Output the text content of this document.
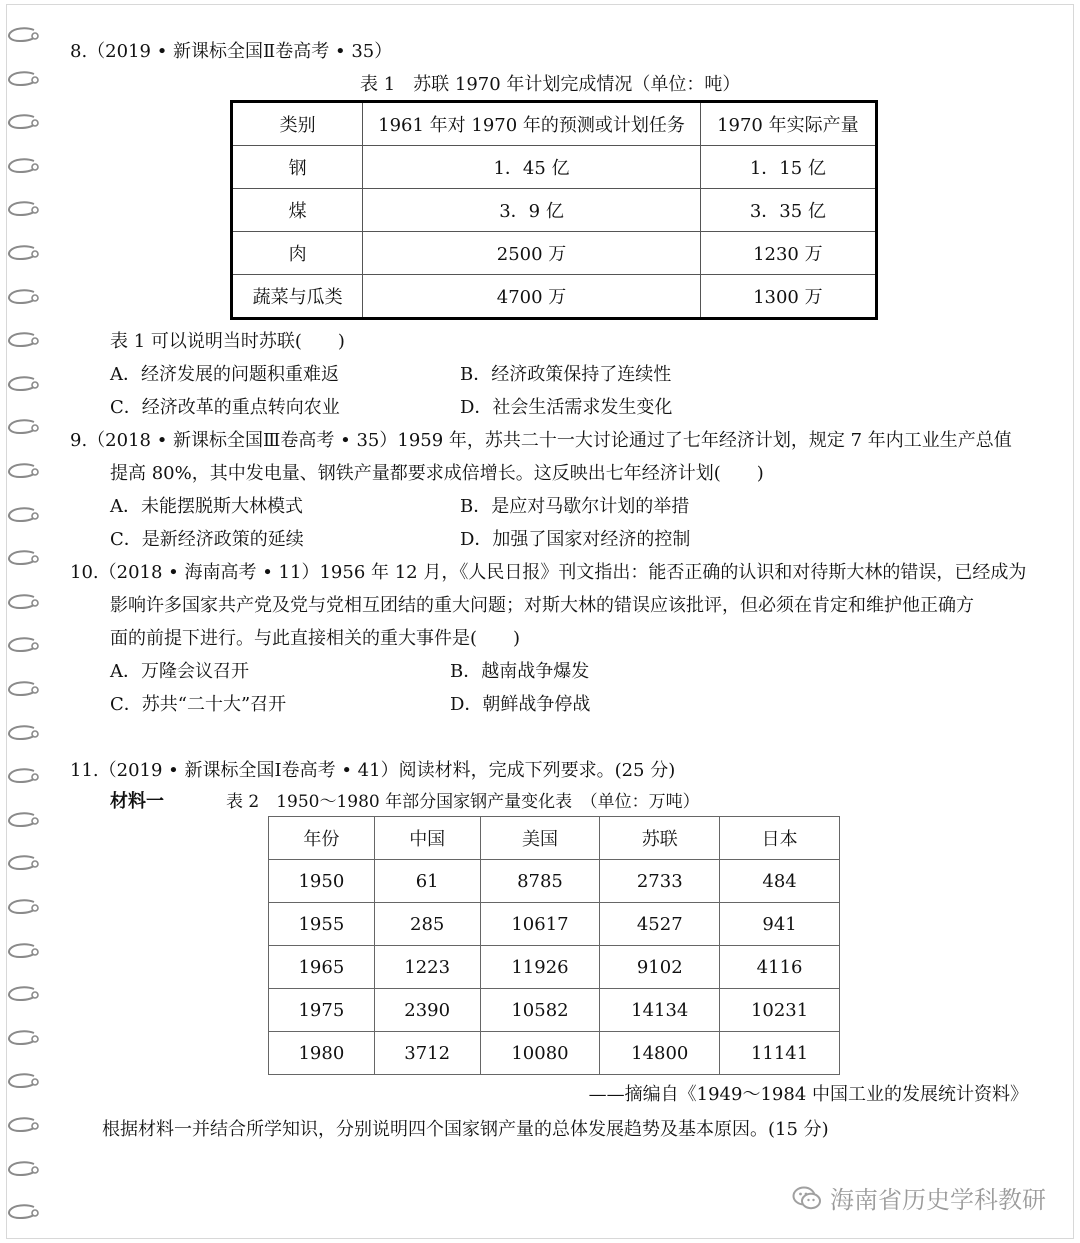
8.（2019 • 新课标全国Ⅱ卷高考 • 35）
表 1　苏联 1970 年计划完成情况（单位：吨）
类别	1961 年对 1970 年的预测或计划任务	1970 年实际产量
钢	1．45 亿	1．15 亿
煤	3．9 亿	3．35 亿
肉	2500 万	1230 万
蔬菜与瓜类	4700 万	1300 万
表 1 可以说明当时苏联(　　)
A．经济发展的问题积重难返	B．经济政策保持了连续性
C．经济改革的重点转向农业	D．社会生活需求发生变化
9.（2018 • 新课标全国Ⅲ卷高考 • 35）1959 年，苏共二十一大讨论通过了七年经济计划，规定 7 年内工业生产总值
提高 80%，其中发电量、钢铁产量都要求成倍增长。这反映出七年经济计划(　　)
A．未能摆脱斯大林模式	B．是应对马歇尔计划的举措
C．是新经济政策的延续	D．加强了国家对经济的控制
10.（2018 • 海南高考 • 11）1956 年 12 月，《人民日报》刊文指出：能否正确的认识和对待斯大林的错误，已经成为
影响许多国家共产党及党与党相互团结的重大问题；对斯大林的错误应该批评，但必须在肯定和维护他正确方
面的前提下进行。与此直接相关的重大事件是(　　)
A．万隆会议召开	B．越南战争爆发
C．苏共“二十大”召开	D．朝鲜战争停战
11.（2019 • 新课标全国Ⅰ卷高考 • 41）阅读材料，完成下列要求。(25 分)
材料一	表 2　1950～1980 年部分国家钢产量变化表　（单位：万吨）
年份	中国	美国	苏联	日本
1950	61	8785	2733	484
1955	285	10617	4527	941
1965	1223	11926	9102	4116
1975	2390	10582	14134	10231
1980	3712	10080	14800	11141
——摘编自《1949～1984 中国工业的发展统计资料》
根据材料一并结合所学知识，分别说明四个国家钢产量的总体发展趋势及基本原因。(15 分)
海南省历史学科教研
